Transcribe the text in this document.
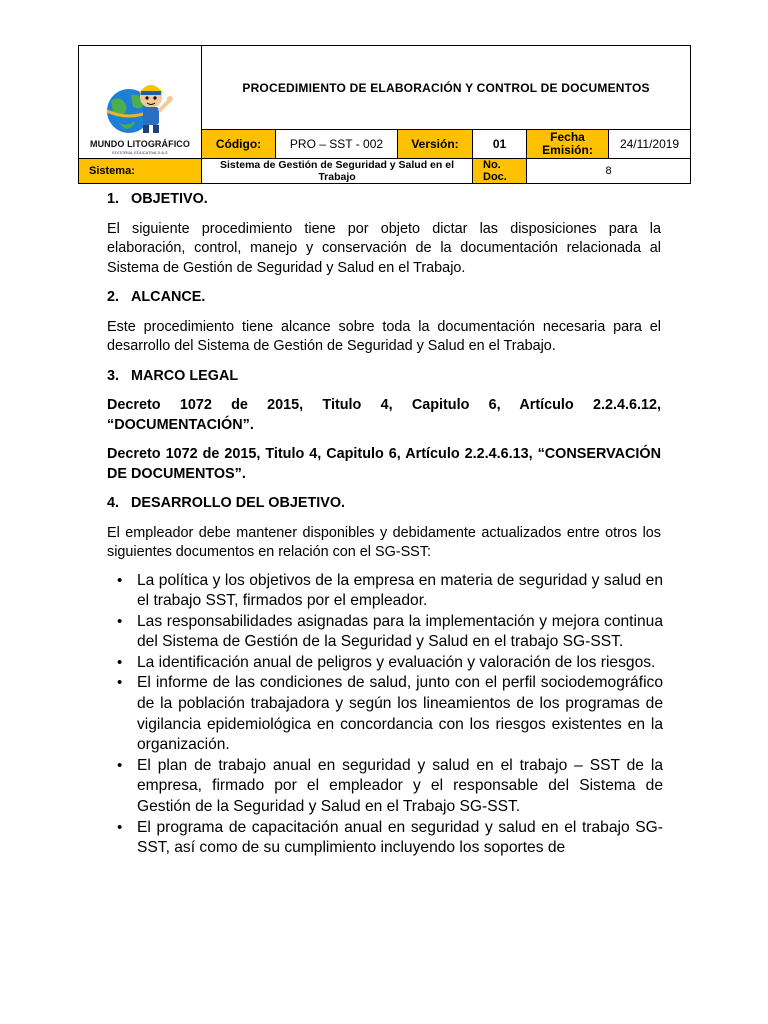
MUNDO LITOGRÁFICO
EDITORIAL EDUCATIVA S.A.S	PROCEDIMIENTO DE ELABORACIÓN Y CONTROL DE DOCUMENTOS					
	Código:	PRO – SST - 002	Versión:	01	Fecha Emisión:	24/11/2019
Sistema:	Sistema de Gestión de Seguridad y Salud en el Trabajo			No. Doc.	8	

1. OBJETIVO.

El siguiente procedimiento tiene por objeto dictar las disposiciones para la elaboración, control, manejo y conservación de la documentación relacionada al Sistema de Gestión de Seguridad y Salud en el Trabajo.

2. ALCANCE.

Este procedimiento tiene alcance sobre toda la documentación necesaria para el desarrollo del Sistema de Gestión de Seguridad y Salud en el Trabajo.

3. MARCO LEGAL

Decreto 1072 de 2015, Titulo 4, Capitulo 6, Artículo 2.2.4.6.12, “DOCUMENTACIÓN”.

Decreto 1072 de 2015, Titulo 4, Capitulo 6, Artículo 2.2.4.6.13, “CONSERVACIÓN DE DOCUMENTOS”.

4. DESARROLLO DEL OBJETIVO.

El empleador debe mantener disponibles y debidamente actualizados entre otros los siguientes documentos en relación con el SG-SST:

• La política y los objetivos de la empresa en materia de seguridad y salud en el trabajo SST, firmados por el empleador.
• Las responsabilidades asignadas para la implementación y mejora continua del Sistema de Gestión de la Seguridad y Salud en el trabajo SG-SST.
• La identificación anual de peligros y evaluación y valoración de los riesgos.
• El informe de las condiciones de salud, junto con el perfil sociodemográfico de la población trabajadora y según los lineamientos de los programas de vigilancia epidemiológica en concordancia con los riesgos existentes en la organización.
• El plan de trabajo anual en seguridad y salud en el trabajo – SST de la empresa, firmado por el empleador y el responsable del Sistema de Gestión de la Seguridad y Salud en el Trabajo SG-SST.
• El programa de capacitación anual en seguridad y salud en el trabajo SG-SST, así como de su cumplimiento incluyendo los soportes de
